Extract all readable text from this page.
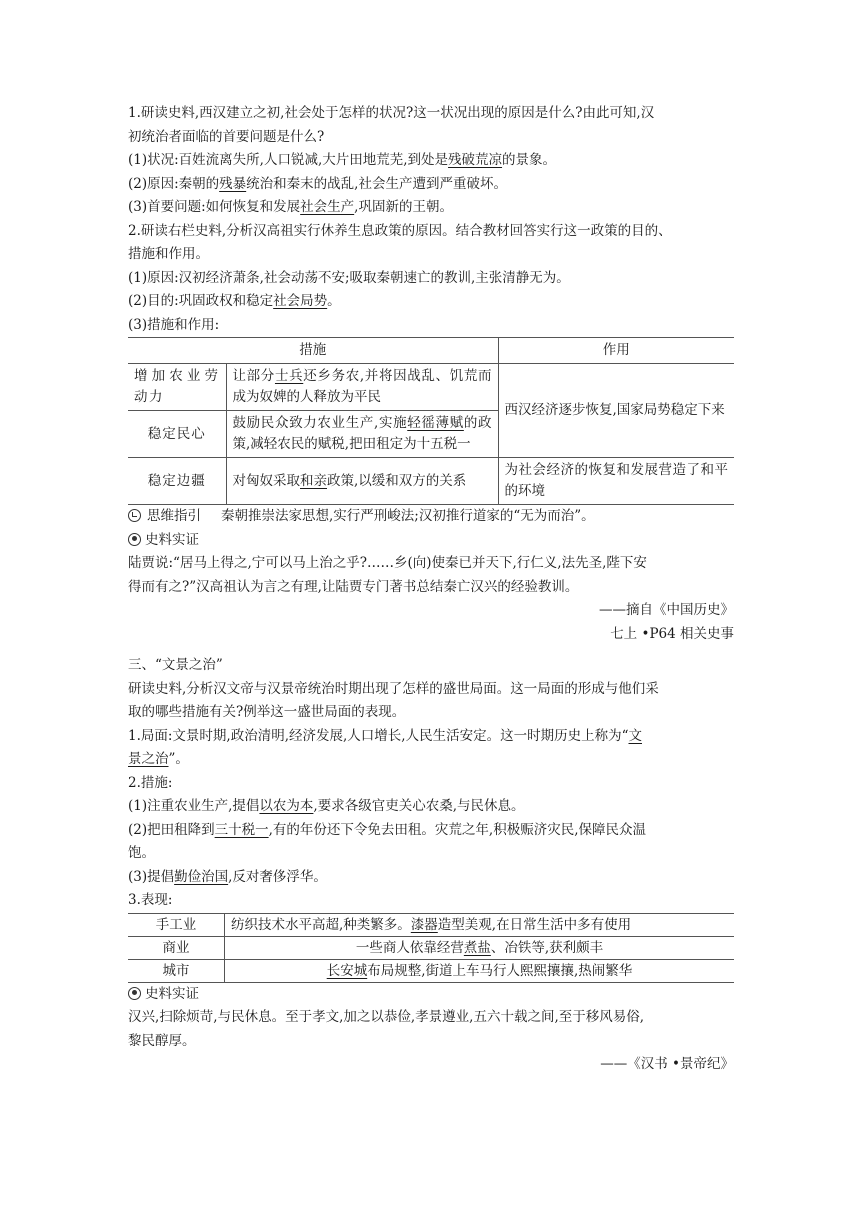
1.研读史料,西汉建立之初,社会处于怎样的状况?这一状况出现的原因是什么?由此可知,汉

初统治者面临的首要问题是什么?

(1)状况:百姓流离失所,人口锐减,大片田地荒芜,到处是残破荒凉的景象。

(2)原因:秦朝的残暴统治和秦末的战乱,社会生产遭到严重破坏。

(3)首要问题:如何恢复和发展社会生产,巩固新的王朝。

2.研读右栏史料,分析汉高祖实行休养生息政策的原因。结合教材回答实行这一政策的目的、

措施和作用。

(1)原因:汉初经济萧条,社会动荡不安;吸取秦朝速亡的教训,主张清静无为。

(2)目的:巩固政权和稳定社会局势。

(3)措施和作用:

措施		作用
增加农业劳动力	让部分士兵还乡务农,并将因战乱、饥荒而成为奴婢的人释放为平民	西汉经济逐步恢复,国家局势稳定下来
稳定民心	鼓励民众致力农业生产,实施轻徭薄赋的政策,减轻农民的赋税,把田租定为十五税一	
稳定边疆	对匈奴采取和亲政策,以缓和双方的关系	为社会经济的恢复和发展营造了和平的环境

思维指引 秦朝推崇法家思想,实行严刑峻法;汉初推行道家的“无为而治”。

史料实证

陆贾说:“居马上得之,宁可以马上治之乎?……乡(向)使秦已并天下,行仁义,法先圣,陛下安

得而有之?”汉高祖认为言之有理,让陆贾专门著书总结秦亡汉兴的经验教训。

——摘自《中国历史》

七上 •P64 相关史事

三、“文景之治”

研读史料,分析汉文帝与汉景帝统治时期出现了怎样的盛世局面。这一局面的形成与他们采

取的哪些措施有关?例举这一盛世局面的表现。

1.局面:文景时期,政治清明,经济发展,人口增长,人民生活安定。这一时期历史上称为“文

景之治”。

2.措施:

(1)注重农业生产,提倡以农为本,要求各级官吏关心农桑,与民休息。

(2)把田租降到三十税一,有的年份还下令免去田租。灾荒之年,积极赈济灾民,保障民众温

饱。

(3)提倡勤俭治国,反对奢侈浮华。

3.表现:

手工业	纺织技术水平高超,种类繁多。漆器造型美观,在日常生活中多有使用
商业	一些商人依靠经营煮盐、冶铁等,获利颇丰
城市	长安城布局规整,街道上车马行人熙熙攘攘,热闹繁华

史料实证

汉兴,扫除烦苛,与民休息。至于孝文,加之以恭俭,孝景遵业,五六十载之间,至于移风易俗,

黎民醇厚。

——《汉书 •景帝纪》
